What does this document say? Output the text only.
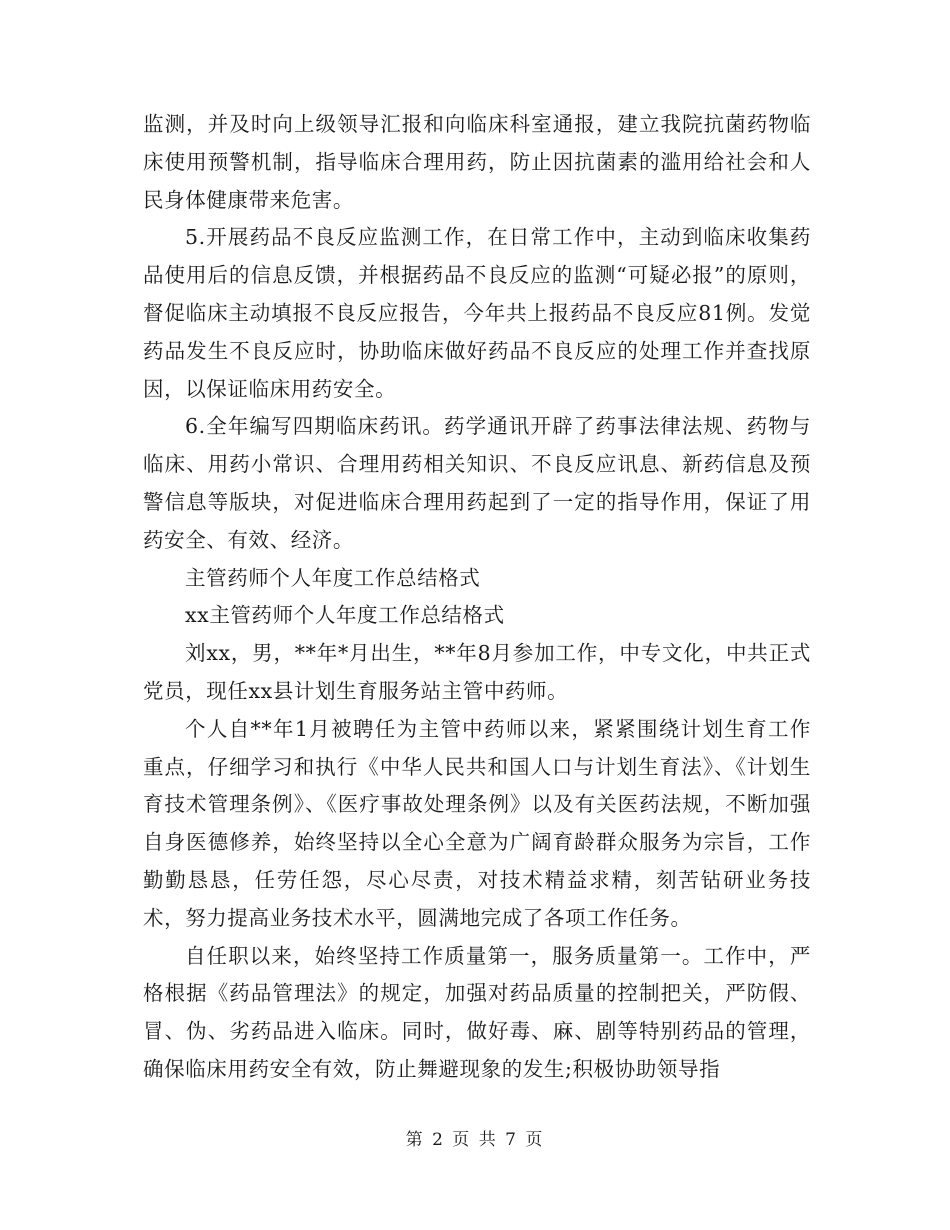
监测，并及时向上级领导汇报和向临床科室通报，建立我院抗菌药物临床使用预警机制，指导临床合理用药，防止因抗菌素的滥用给社会和人民身体健康带来危害。

5.开展药品不良反应监测工作，在日常工作中，主动到临床收集药品使用后的信息反馈，并根据药品不良反应的监测“可疑必报”的原则，督促临床主动填报不良反应报告，今年共上报药品不良反应81例。发觉药品发生不良反应时，协助临床做好药品不良反应的处理工作并查找原因，以保证临床用药安全。

6.全年编写四期临床药讯。药学通讯开辟了药事法律法规、药物与临床、用药小常识、合理用药相关知识、不良反应讯息、新药信息及预警信息等版块，对促进临床合理用药起到了一定的指导作用，保证了用药安全、有效、经济。

主管药师个人年度工作总结格式

xx主管药师个人年度工作总结格式

刘xx，男，**年*月出生，**年8月参加工作，中专文化，中共正式党员，现任xx县计划生育服务站主管中药师。

个人自**年1月被聘任为主管中药师以来，紧紧围绕计划生育工作重点，仔细学习和执行《中华人民共和国人口与计划生育法》、《计划生育技术管理条例》、《医疗事故处理条例》以及有关医药法规，不断加强自身医德修养，始终坚持以全心全意为广阔育龄群众服务为宗旨，工作勤勤恳恳，任劳任怨，尽心尽责，对技术精益求精，刻苦钻研业务技术，努力提高业务技术水平，圆满地完成了各项工作任务。

自任职以来，始终坚持工作质量第一，服务质量第一。工作中，严格根据《药品管理法》的规定，加强对药品质量的控制把关，严防假、冒、伪、劣药品进入临床。同时，做好毒、麻、剧等特别药品的管理，确保临床用药安全有效，防止舞避现象的发生;积极协助领导指

第 2 页 共 7 页
